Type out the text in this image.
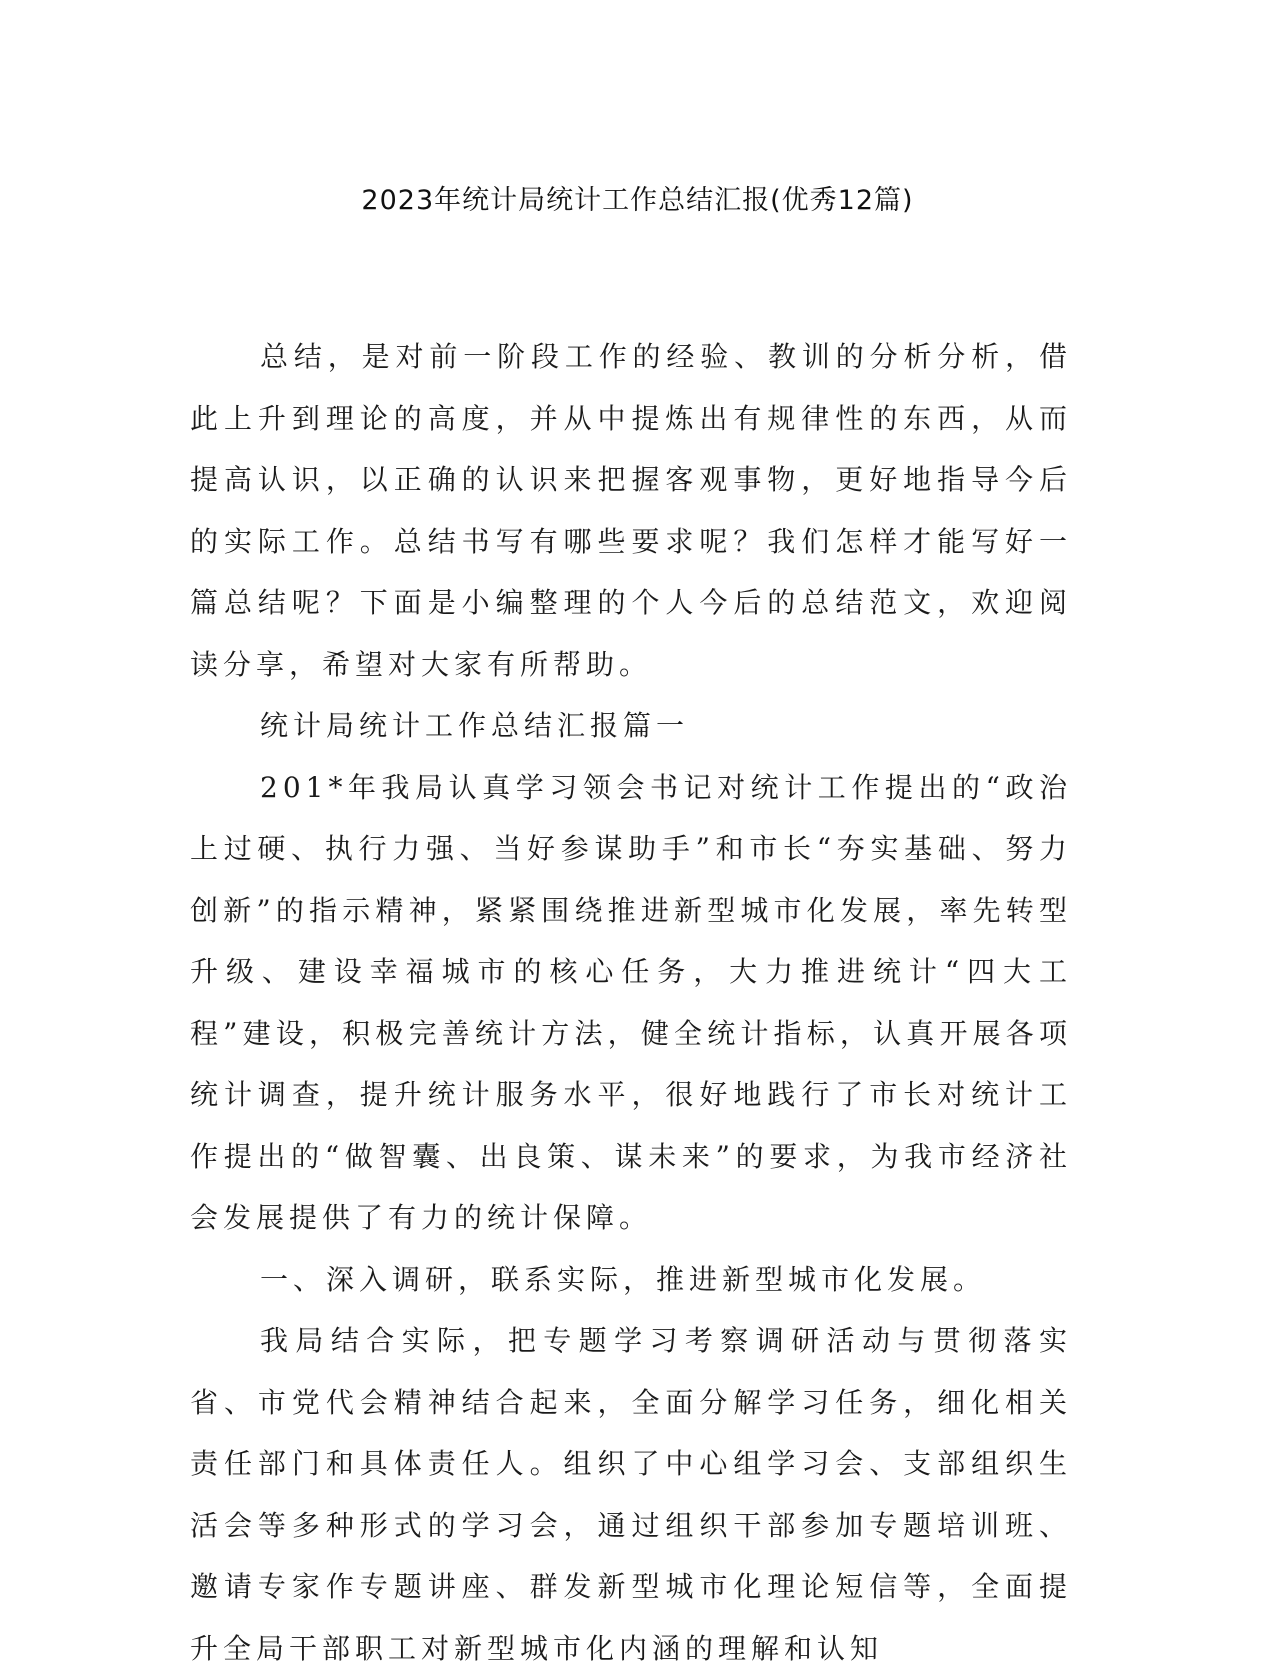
2023年统计局统计工作总结汇报(优秀12篇)

总结，是对前一阶段工作的经验、教训的分析分析，借此上升到理论的高度，并从中提炼出有规律性的东西，从而提高认识，以正确的认识来把握客观事物，更好地指导今后的实际工作。总结书写有哪些要求呢？我们怎样才能写好一篇总结呢？下面是小编整理的个人今后的总结范文，欢迎阅读分享，希望对大家有所帮助。

统计局统计工作总结汇报篇一

201*年我局认真学习领会书记对统计工作提出的“政治上过硬、执行力强、当好参谋助手”和市长“夯实基础、努力创新”的指示精神，紧紧围绕推进新型城市化发展，率先转型升级、建设幸福城市的核心任务，大力推进统计“四大工程”建设，积极完善统计方法，健全统计指标，认真开展各项统计调查，提升统计服务水平，很好地践行了市长对统计工作提出的“做智囊、出良策、谋未来”的要求，为我市经济社会发展提供了有力的统计保障。

一、深入调研，联系实际，推进新型城市化发展。

我局结合实际，把专题学习考察调研活动与贯彻落实省、市党代会精神结合起来，全面分解学习任务，细化相关责任部门和具体责任人。组织了中心组学习会、支部组织生活会等多种形式的学习会，通过组织干部参加专题培训班、邀请专家作专题讲座、群发新型城市化理论短信等，全面提升全局干部职工对新型城市化内涵的理解和认知
